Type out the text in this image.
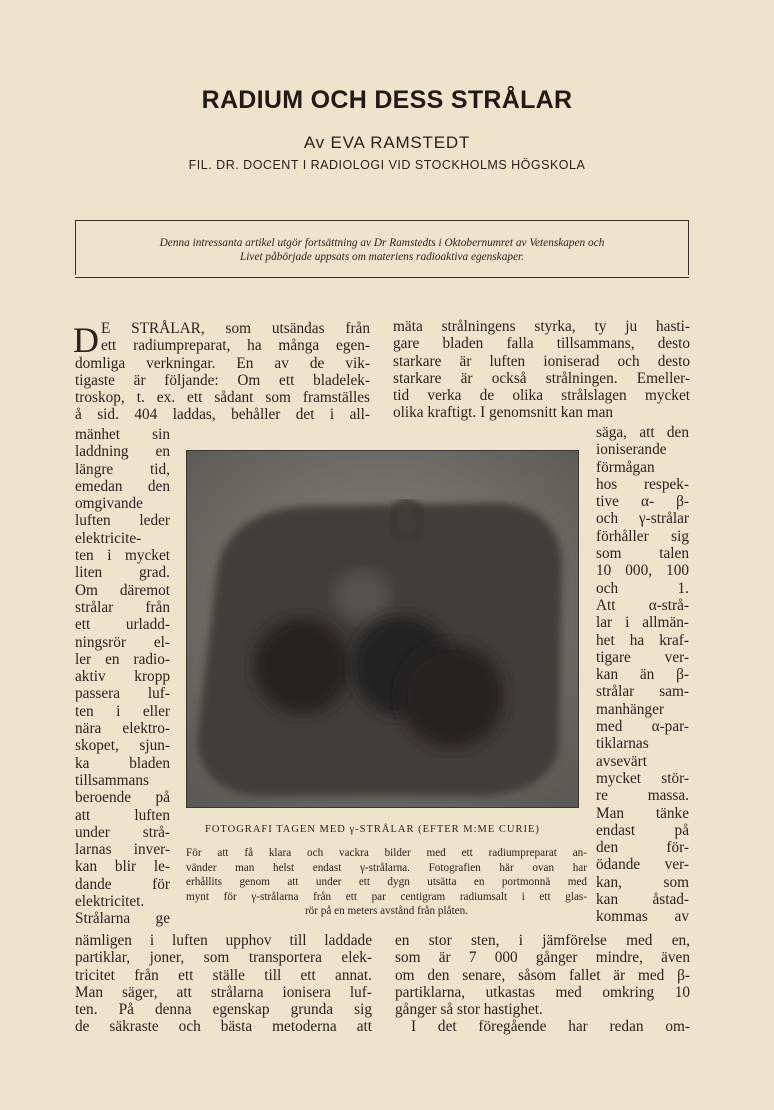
RADIUM OCH DESS STRÅLAR
Av EVA RAMSTEDT
FIL. DR. DOCENT I RADIOLOGI VID STOCKHOLMS HÖGSKOLA
Denna intressanta artikel utgör fortsättning av Dr Ramstedts i Oktobernumret av Vetenskapen och
Livet påbörjade uppsats om materiens radioaktiva egenskaper.
D E STRÅLAR, som utsändas från
ett radiumpreparat, ha många egen-
domliga verkningar. En av de vik-
tigaste är följande: Om ett bladelek-
troskop, t. ex. ett sådant som framställes
å sid. 404 laddas, behåller det i all-
mäta strålningens styrka, ty ju hasti-
gare bladen falla tillsammans, desto
starkare är luften ioniserad och desto
starkare är också strålningen. Emeller-
tid verka de olika strålslagen mycket
olika kraftigt. I genomsnitt kan man
mänhet sin
laddning en
längre tid,
emedan den
omgivande
luften leder
elektricite-
ten i mycket
liten grad.
Om däremot
strålar från
ett urladd-
ningsrör el-
ler en radio-
aktiv kropp
passera luf-
ten i eller
nära elektro-
skopet, sjun-
ka bladen
tillsammans
beroende på
att luften
under strå-
larnas inver-
kan blir le-
dande för
elektricitet.
Strålarna ge
säga, att den
ioniserande
förmågan
hos respek-
tive α- β-
och γ-strålar
förhåller sig
som talen
10 000, 100
och 1.
Att α-strå-
lar i allmän-
het ha kraf-
tigare ver-
kan än β-
strålar sam-
manhänger
med α-par-
tiklarnas
avsevärt
mycket stör-
re massa.
Man tänke
endast på
den för-
ödande ver-
kan, som
kan åstad-
kommas av
FOTOGRAFI TAGEN MED γ-STRÅLAR (EFTER M:ME CURIE)
För att få klara och vackra bilder med ett radiumpreparat an-
vänder man helst endast γ-strålarna. Fotografien här ovan har
erhållits genom att under ett dygn utsätta en portmonnä med
mynt för γ-strålarna från ett par centigram radiumsalt i ett glas-
rör på en meters avstånd från plåten.
nämligen i luften upphov till laddade
partiklar, joner, som transportera elek-
tricitet från ett ställe till ett annat.
Man säger, att strålarna ionisera luf-
ten. På denna egenskap grunda sig
de säkraste och bästa metoderna att
en stor sten, i jämförelse med en,
som är 7 000 gånger mindre, även
om den senare, såsom fallet är med β-
partiklarna, utkastas med omkring 10
gånger så stor hastighet.
I det föregående har redan om-
